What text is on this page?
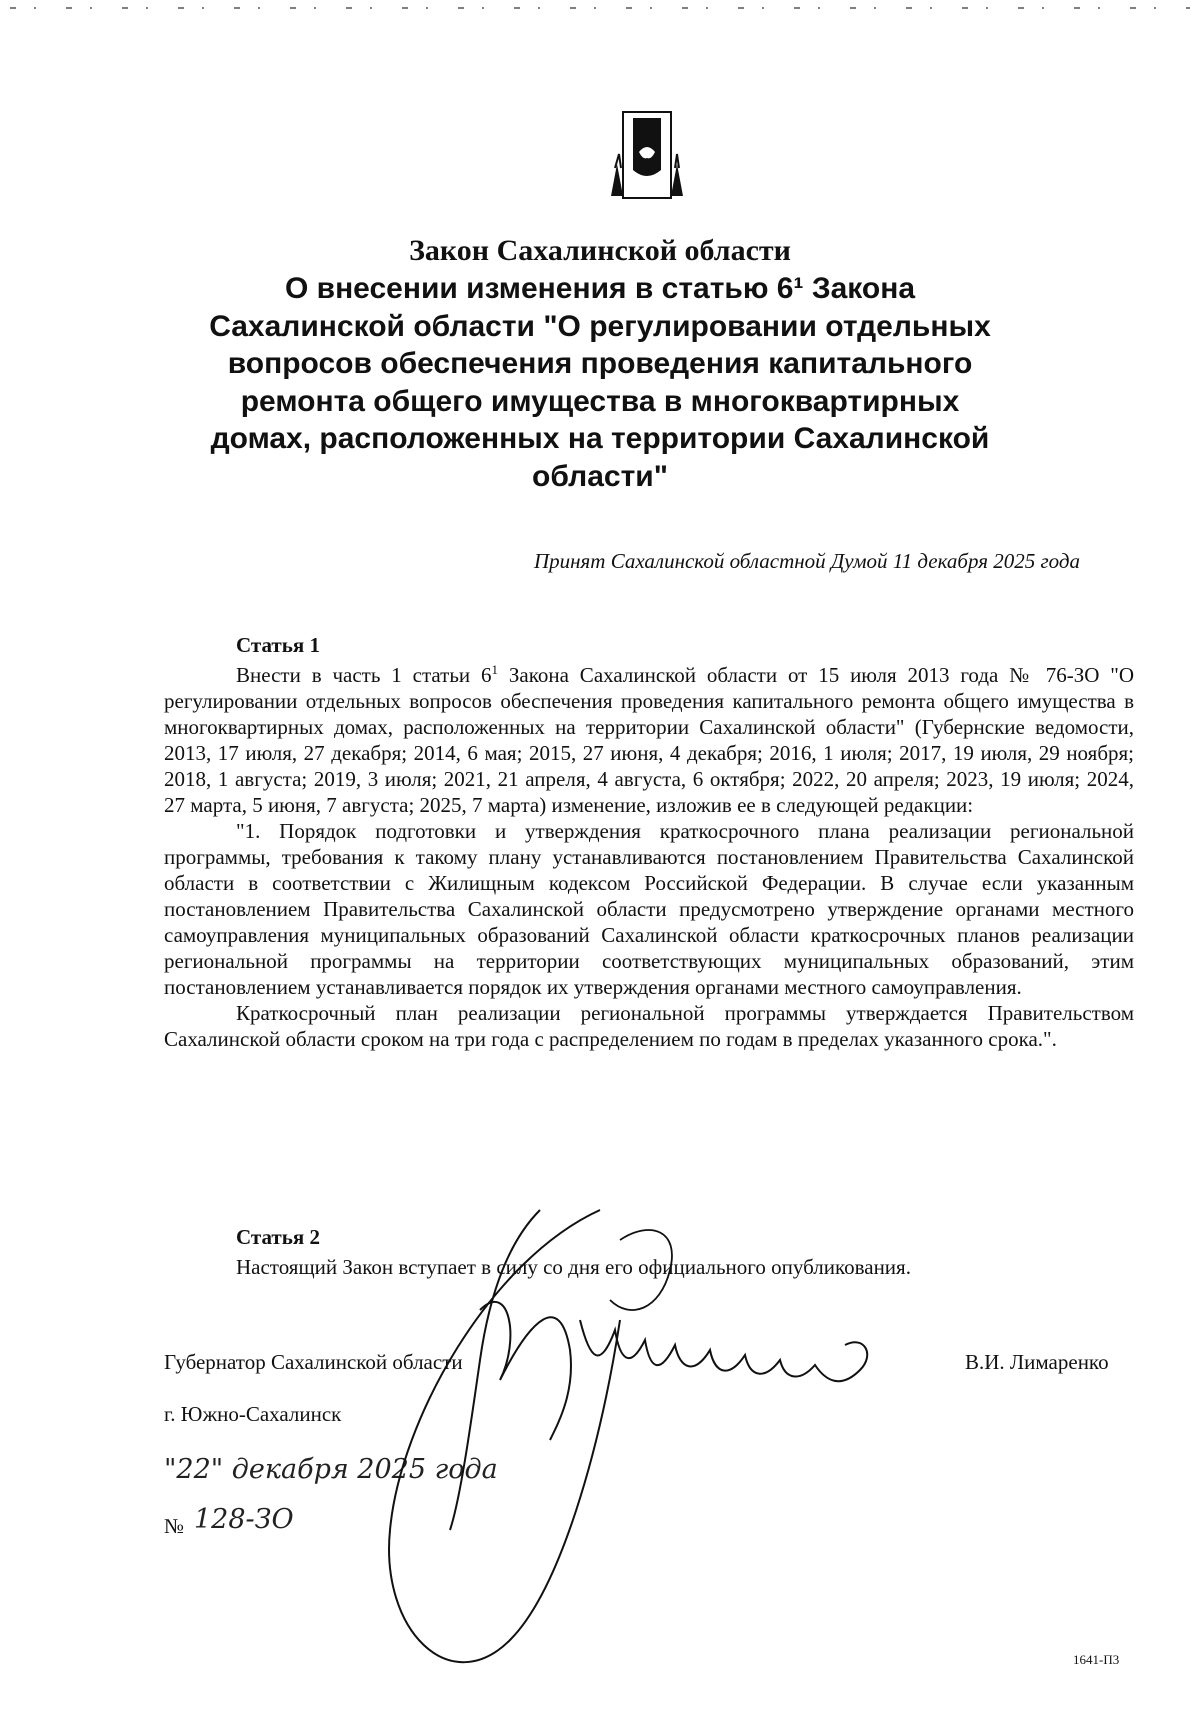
Закон Сахалинской области
О внесении изменения в статью 6¹ Закона
Сахалинской области "О регулировании отдельных
вопросов обеспечения проведения капитального
ремонта общего имущества в многоквартирных
домах, расположенных на территории Сахалинской
области"
Принят Сахалинской областной Думой 11 декабря 2025 года
Статья 1

Внести в часть 1 статьи $6^1$ Закона Сахалинской области от 15 июля 2013 года № 76-ЗО "О регулировании отдельных вопросов обеспечения проведения капитального ремонта общего имущества в многоквартирных домах, расположенных на территории Сахалинской области" (Губернские ведомости, 2013, 17 июля, 27 декабря; 2014, 6 мая; 2015, 27 июня, 4 декабря; 2016, 1 июля; 2017, 19 июля, 29 ноября; 2018, 1 августа; 2019, 3 июля; 2021, 21 апреля, 4 августа, 6 октября; 2022, 20 апреля; 2023, 19 июля; 2024, 27 марта, 5 июня, 7 августа; 2025, 7 марта) изменение, изложив ее в следующей редакции:

"1. Порядок подготовки и утверждения краткосрочного плана реализации региональной программы, требования к такому плану устанавливаются постановлением Правительства Сахалинской области в соответствии с Жилищным кодексом Российской Федерации. В случае если указанным постановлением Правительства Сахалинской области предусмотрено утверждение органами местного самоуправления муниципальных образований Сахалинской области краткосрочных планов реализации региональной программы на территории соответствующих муниципальных образований, этим постановлением устанавливается порядок их утверждения органами местного самоуправления.

Краткосрочный план реализации региональной программы утверждается Правительством Сахалинской области сроком на три года с распределением по годам в пределах указанного срока.".

Статья 2

Настоящий Закон вступает в силу со дня его официального опубликования.

Губернатор Сахалинской области	В.И. Лимаренко
г. Южно-Сахалинск
"22" декабря 2025 года
№ 128-ЗО
1641-П3
